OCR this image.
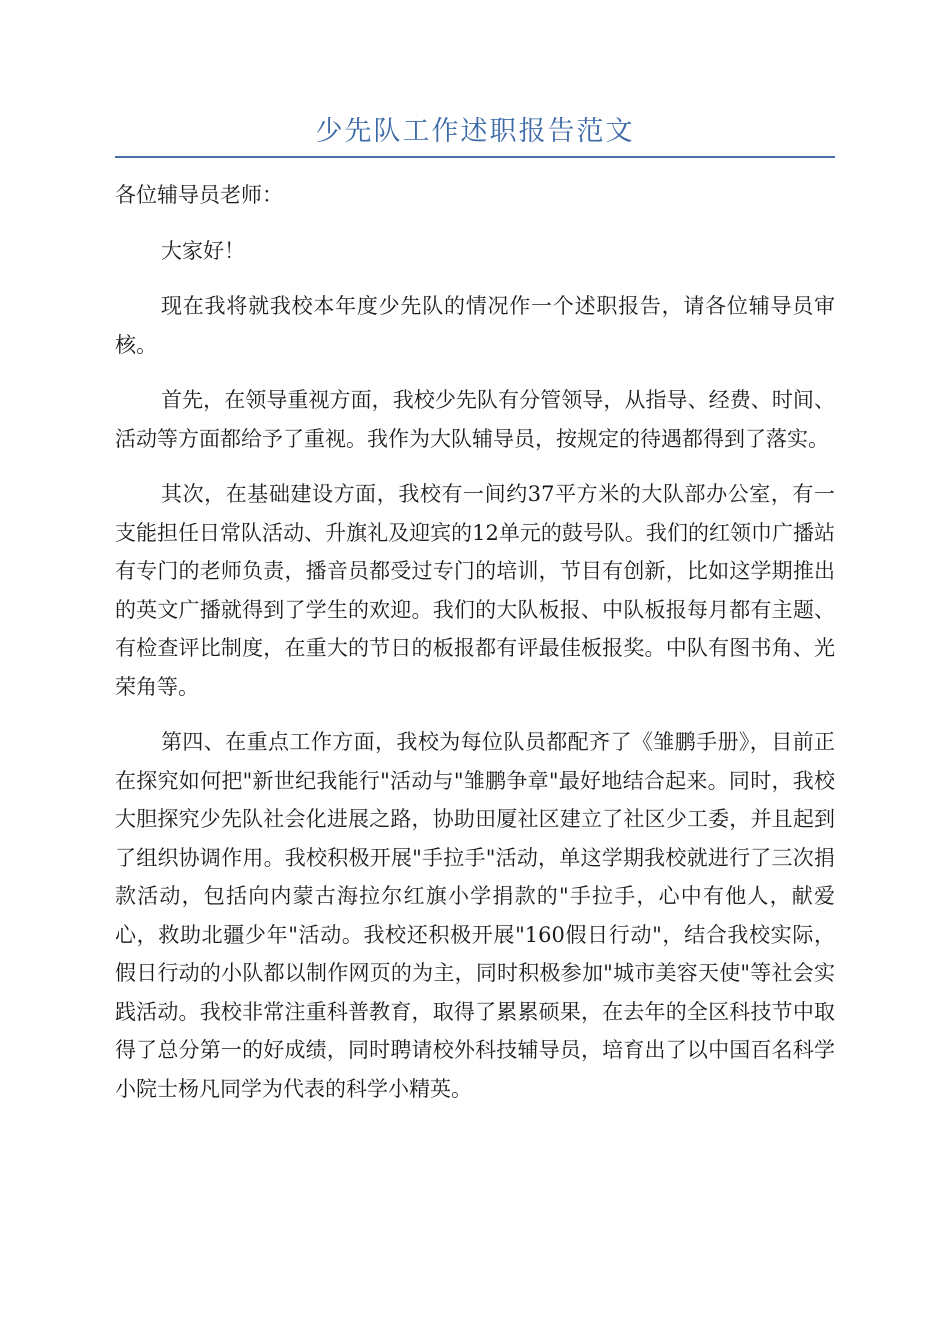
少先队工作述职报告范文

各位辅导员老师：

大家好！

现在我将就我校本年度少先队的情况作一个述职报告，请各位辅导员审核。

首先，在领导重视方面，我校少先队有分管领导，从指导、经费、时间、活动等方面都给予了重视。我作为大队辅导员，按规定的待遇都得到了落实。

其次，在基础建设方面，我校有一间约37平方米的大队部办公室，有一支能担任日常队活动、升旗礼及迎宾的12单元的鼓号队。我们的红领巾广播站有专门的老师负责，播音员都受过专门的培训，节目有创新，比如这学期推出的英文广播就得到了学生的欢迎。我们的大队板报、中队板报每月都有主题、有检查评比制度，在重大的节日的板报都有评最佳板报奖。中队有图书角、光荣角等。

第四、在重点工作方面，我校为每位队员都配齐了《雏鹏手册》，目前正在探究如何把"新世纪我能行"活动与"雏鹏争章"最好地结合起来。同时，我校大胆探究少先队社会化进展之路，协助田厦社区建立了社区少工委，并且起到了组织协调作用。我校积极开展"手拉手"活动，单这学期我校就进行了三次捐款活动，包括向内蒙古海拉尔红旗小学捐款的"手拉手，心中有他人，献爱心，救助北疆少年"活动。我校还积极开展"160假日行动"，结合我校实际，假日行动的小队都以制作网页的为主，同时积极参加"城市美容天使"等社会实践活动。我校非常注重科普教育，取得了累累硕果，在去年的全区科技节中取得了总分第一的好成绩，同时聘请校外科技辅导员，培育出了以中国百名科学小院士杨凡同学为代表的科学小精英。
